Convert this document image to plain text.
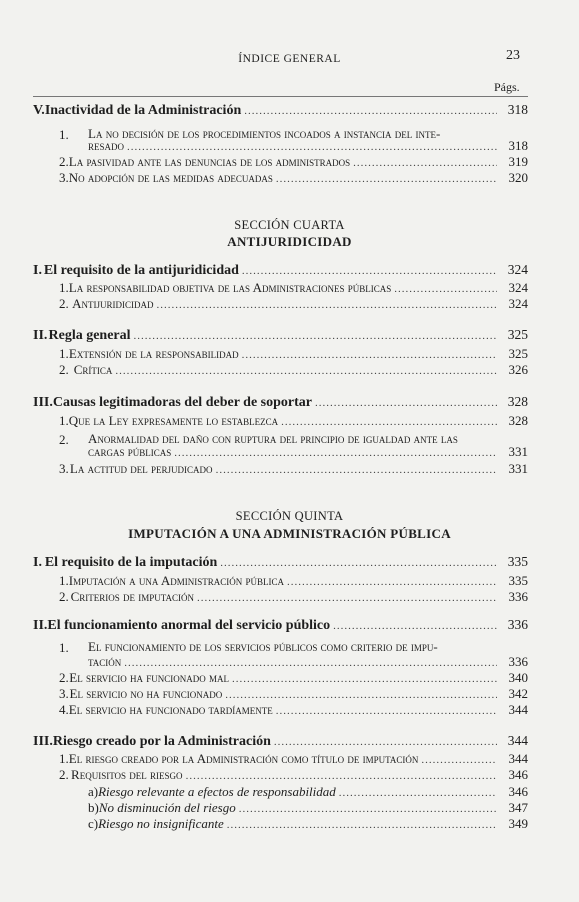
ÍNDICE GENERAL	23
Págs.
V. Inactividad de la Administración .....	318
1. La no decisión de los procedimientos incoados a instancia del inte-
resado .....	318
2. La pasividad ante las denuncias de los administrados .....	319
3. No adopción de las medidas adecuadas .....	320
SECCIÓN CUARTA
ANTIJURIDICIDAD
I. El requisito de la antijuridicidad .....	324
1. La responsabilidad objetiva de las Administraciones públicas .....	324
2. Antijuridicidad .....	324
II. Regla general .....	325
1. Extensión de la responsabilidad .....	325
2. Crítica .....	326
III. Causas legitimadoras del deber de soportar .....	328
1. Que la Ley expresamente lo establezca .....	328
2. Anormalidad del daño con ruptura del principio de igualdad ante las
cargas públicas .....	331
3. La actitud del perjudicado .....	331
SECCIÓN QUINTA
IMPUTACIÓN A UNA ADMINISTRACIÓN PÚBLICA
I. El requisito de la imputación .....	335
1. Imputación a una Administración pública .....	335
2. Criterios de imputación .....	336
II. El funcionamiento anormal del servicio público .....	336
1. El funcionamiento de los servicios públicos como criterio de impu-
tación .....	336
2. El servicio ha funcionado mal .....	340
3. El servicio no ha funcionado .....	342
4. El servicio ha funcionado tardíamente .....	344
III. Riesgo creado por la Administración .....	344
1. El riesgo creado por la Administración como título de imputación .....	344
2. Requisitos del riesgo .....	346
a) Riesgo relevante a efectos de responsabilidad .....	346
b) No disminución del riesgo .....	347
c) Riesgo no insignificante .....	349
